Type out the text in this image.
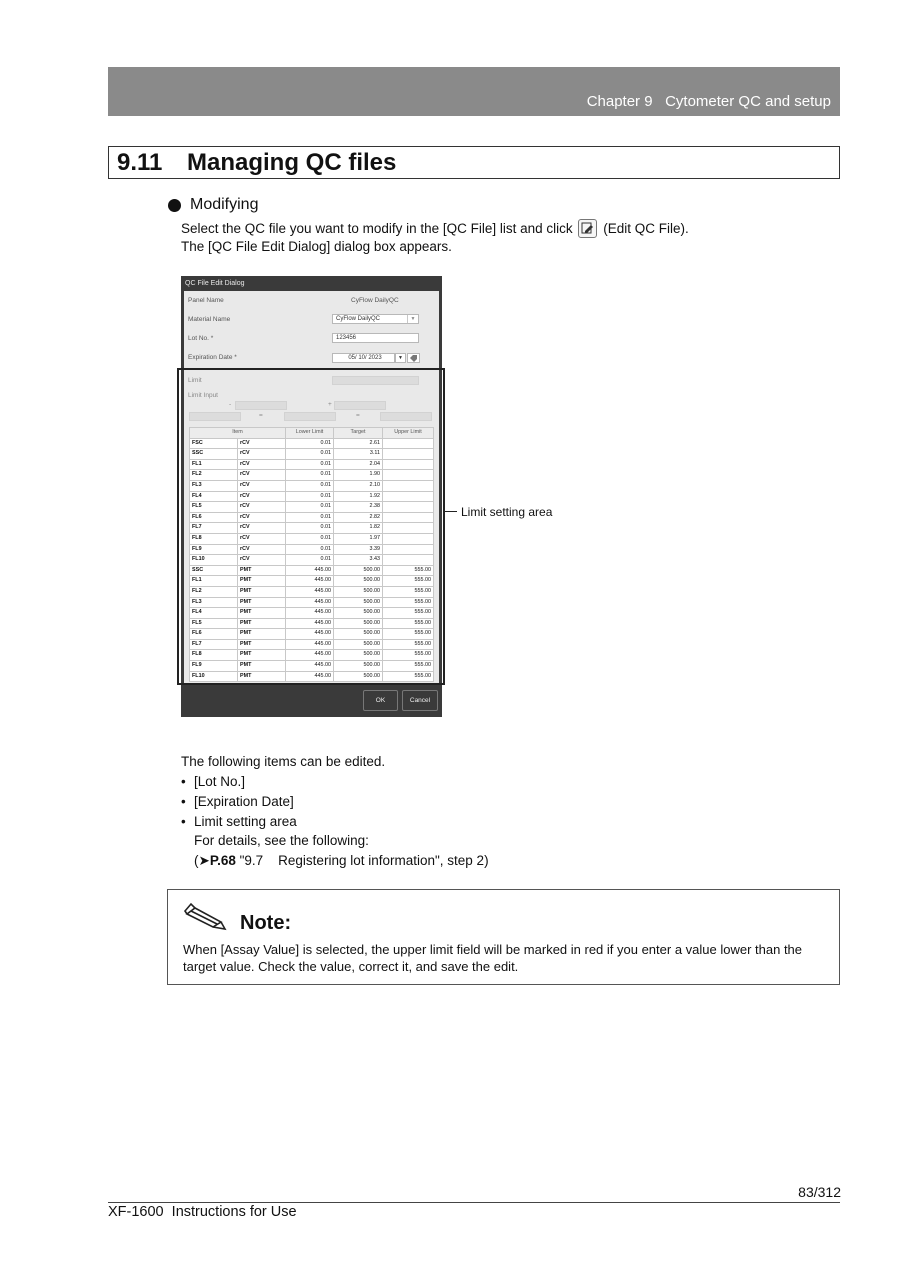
Chapter 9 Cytometer QC and setup
9.11 Managing QC files
Modifying
Select the QC file you want to modify in the [QC File] list and click (Edit QC File).
The [QC File Edit Dialog] dialog box appears.
QC File Edit Dialog
Panel Name	CyFlow DailyQC
Material Name	CyFlow DailyQC	▼
Lot No. *	123456
Expiration Date *	05/ 10/ 2023	▼
Limit
Limit Input
-	+
=	=
OK	Cancel
Item		Lower Limit	Target	Upper Limit
FSC	rCV	0.01	2.61	
SSC	rCV	0.01	3.11	
FL1	rCV	0.01	2.04	
FL2	rCV	0.01	1.90	
FL3	rCV	0.01	2.10	
FL4	rCV	0.01	1.92	
FL5	rCV	0.01	2.38	
FL6	rCV	0.01	2.82	
FL7	rCV	0.01	1.82	
FL8	rCV	0.01	1.97	
FL9	rCV	0.01	3.39	
FL10	rCV	0.01	3.43	
SSC	PMT	445.00	500.00	555.00
FL1	PMT	445.00	500.00	555.00
FL2	PMT	445.00	500.00	555.00
FL3	PMT	445.00	500.00	555.00
FL4	PMT	445.00	500.00	555.00
FL5	PMT	445.00	500.00	555.00
FL6	PMT	445.00	500.00	555.00
FL7	PMT	445.00	500.00	555.00
FL8	PMT	445.00	500.00	555.00
FL9	PMT	445.00	500.00	555.00
FL10	PMT	445.00	500.00	555.00
Limit setting area
The following items can be edited.
• [Lot No.]
• [Expiration Date]
• Limit setting area
For details, see the following:
(➤P.68 "9.7    Registering lot information", step 2)
Note:
When [Assay Value] is selected, the upper limit field will be marked in red if you enter a value lower than the target value. Check the value, correct it, and save the edit.
83/312
XF-1600  Instructions for Use
